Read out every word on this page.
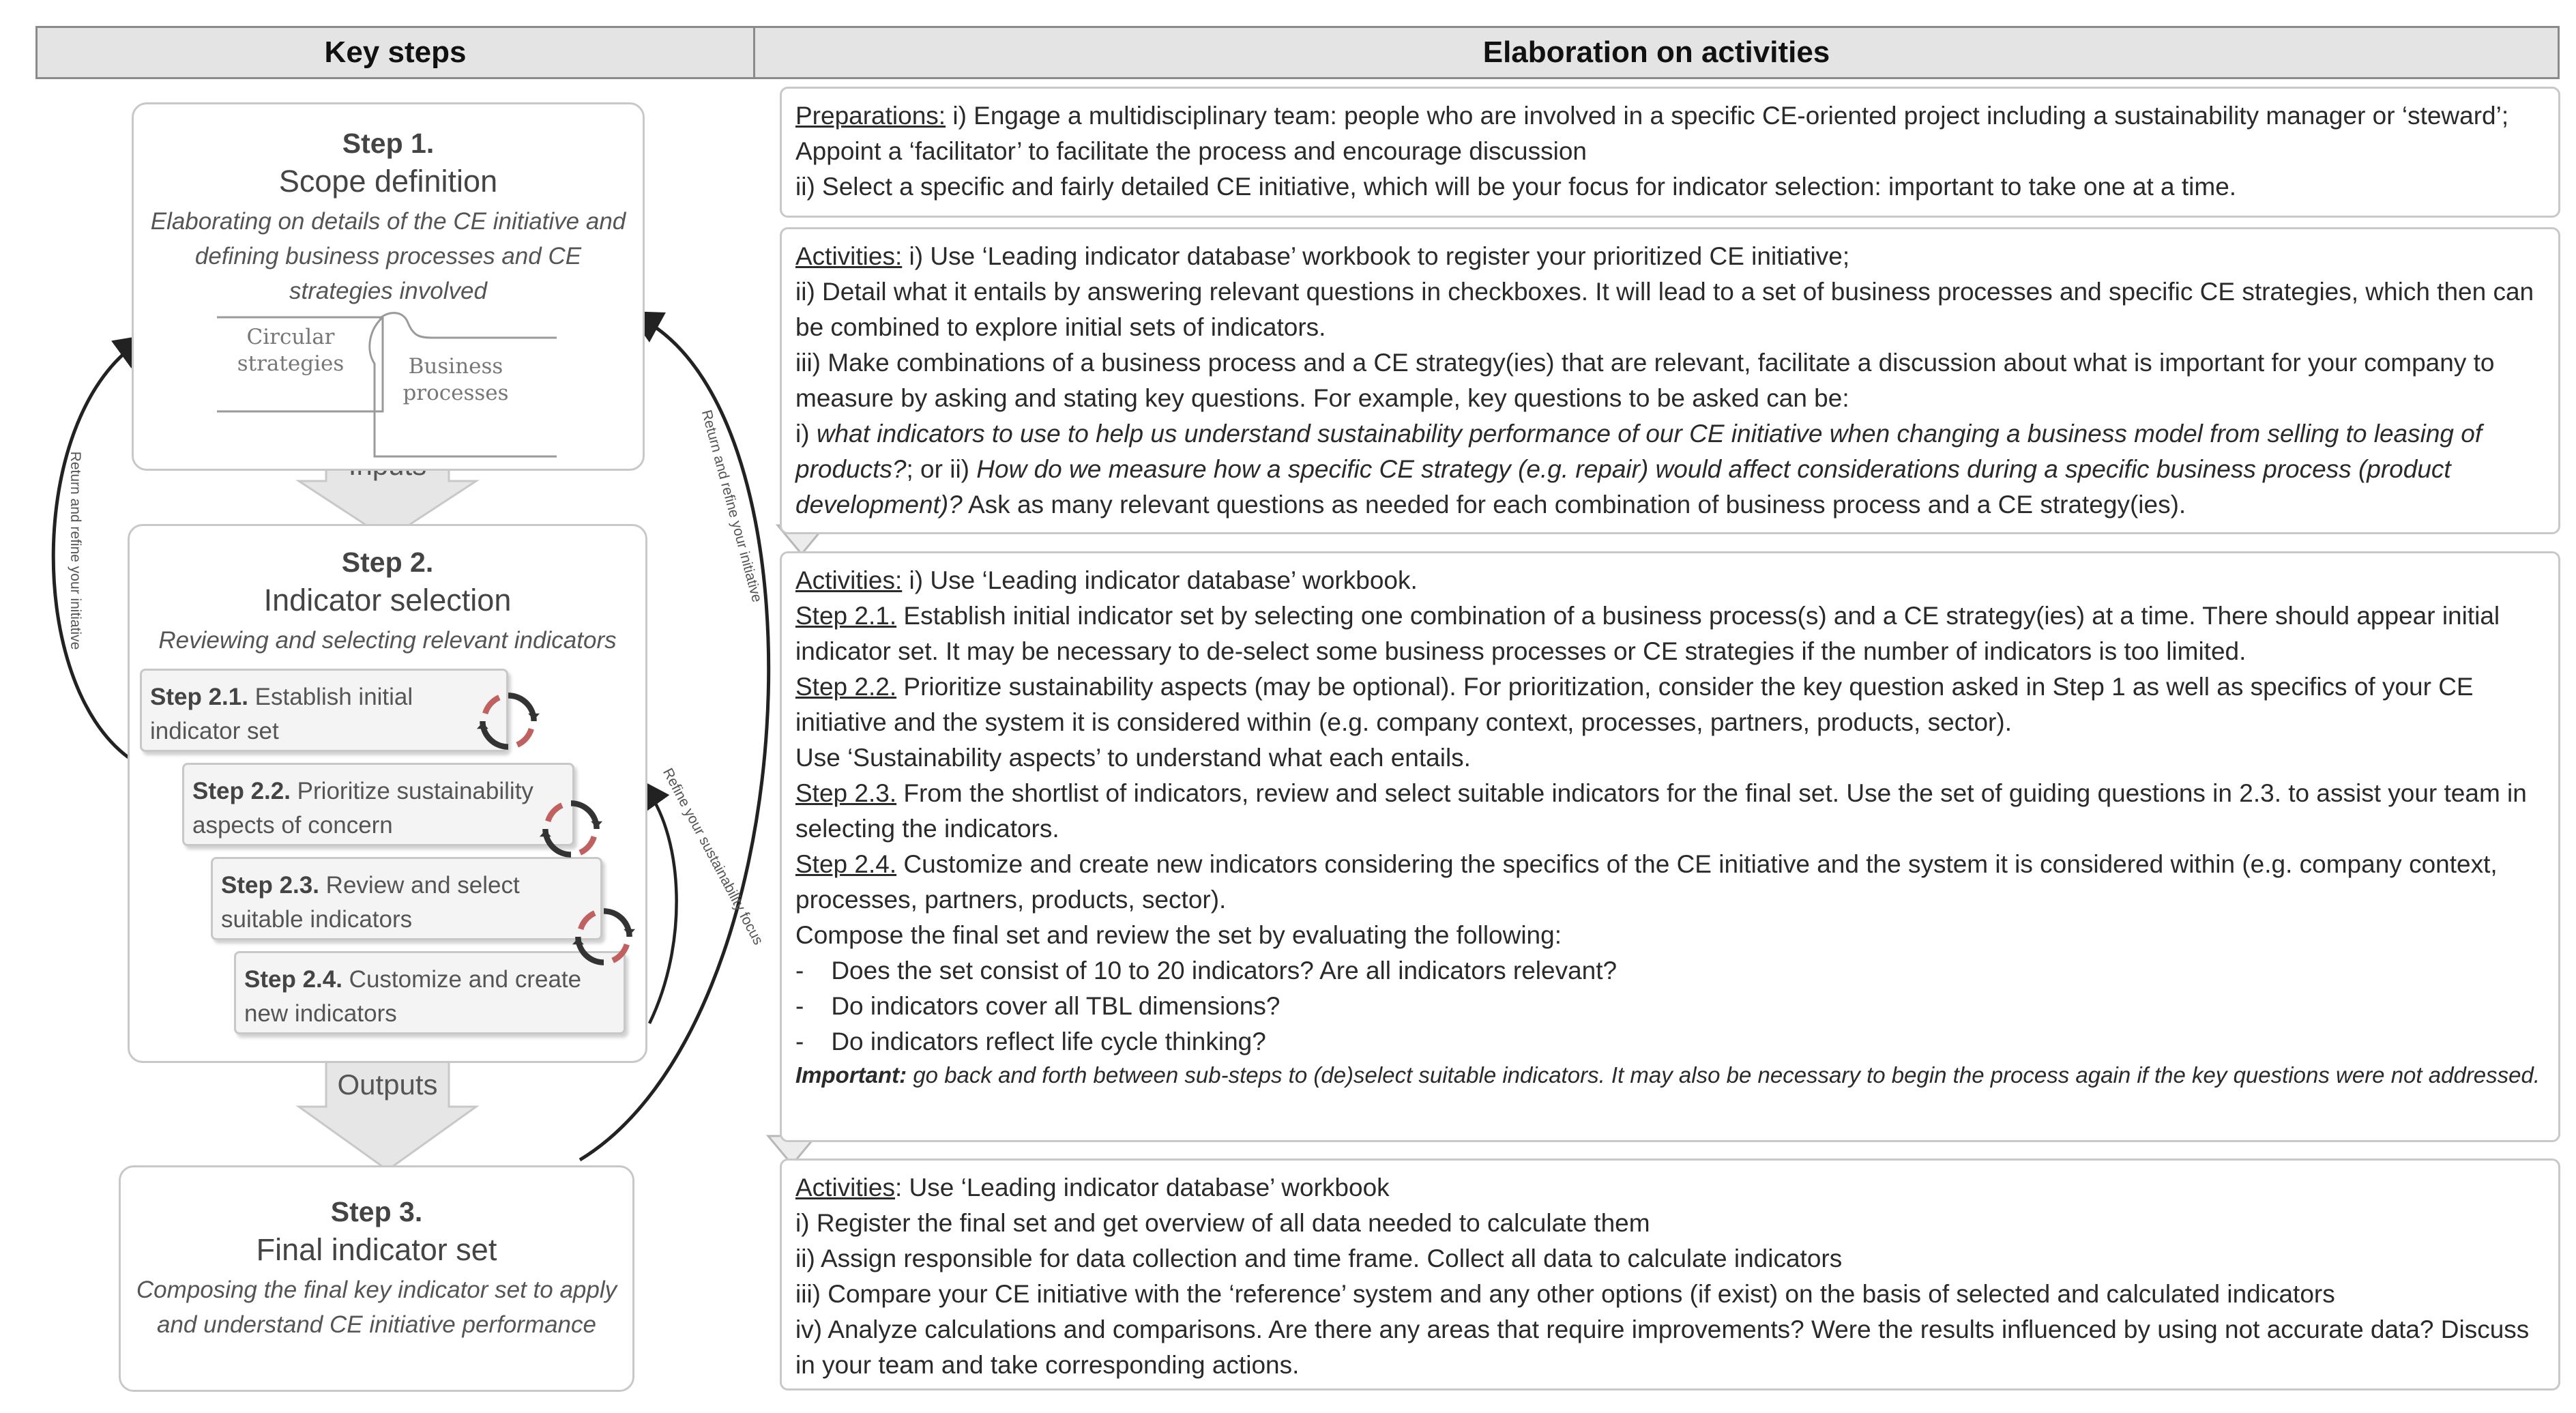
Key steps	Elaboration on activities
Outputs
Return and refine your initiative	Return and refine your initiative
Refine your sustainability focus
Step 1.
Scope definition
Elaborating on details of the CE initiative and defining business processes and CE strategies involved
Circular strategies	Business processes
Step 2.
Indicator selection
Reviewing and selecting relevant indicators
Step 2.1. Establish initial indicator set
Step 2.2. Prioritize sustainability aspects of concern
Step 2.3. Review and select suitable indicators
Step 2.4. Customize and create new indicators
Step 3.
Final indicator set
Composing the final key indicator set to apply and understand CE initiative performance

Preparations: i) Engage a multidisciplinary team: people who are involved in a specific CE-oriented project including a sustainability manager or ‘steward’; Appoint a ‘facilitator’ to facilitate the process and encourage discussion

ii) Select a specific and fairly detailed CE initiative, which will be your focus for indicator selection: important to take one at a time.

Activities: i) Use ‘Leading indicator database’ workbook to register your prioritized CE initiative;

ii) Detail what it entails by answering relevant questions in checkboxes. It will lead to a set of business processes and specific CE strategies, which then can be combined to explore initial sets of indicators.

iii) Make combinations of a business process and a CE strategy(ies) that are relevant, facilitate a discussion about what is important for your company to measure by asking and stating key questions. For example, key questions to be asked can be:

i) what indicators to use to help us understand sustainability performance of our CE initiative when changing a business model from selling to leasing of products?; or ii) How do we measure how a specific CE strategy (e.g. repair) would affect considerations during a specific business process (product development)? Ask as many relevant questions as needed for each combination of business process and a CE strategy(ies).

Activities: i) Use ‘Leading indicator database’ workbook.

Step 2.1. Establish initial indicator set by selecting one combination of a business process(s) and a CE strategy(ies) at a time. There should appear initial indicator set. It may be necessary to de-select some business processes or CE strategies if the number of indicators is too limited.

Step 2.2. Prioritize sustainability aspects (may be optional). For prioritization, consider the key question asked in Step 1 as well as specifics of your CE initiative and the system it is considered within (e.g. company context, processes, partners, products, sector).

Use ‘Sustainability aspects’ to understand what each entails.

Step 2.3. From the shortlist of indicators, review and select suitable indicators for the final set. Use the set of guiding questions in 2.3. to assist your team in selecting the indicators.

Step 2.4. Customize and create new indicators considering the specifics of the CE initiative and the system it is considered within (e.g. company context, processes, partners, products, sector).

Compose the final set and review the set by evaluating the following:

- Does the set consist of 10 to 20 indicators? Are all indicators relevant?

- Do indicators cover all TBL dimensions?

- Do indicators reflect life cycle thinking?

Important: go back and forth between sub-steps to (de)select suitable indicators. It may also be necessary to begin the process again if the key questions were not addressed.

Activities: Use ‘Leading indicator database’ workbook

i) Register the final set and get overview of all data needed to calculate them

ii) Assign responsible for data collection and time frame. Collect all data to calculate indicators

iii) Compare your CE initiative with the ‘reference’ system and any other options (if exist) on the basis of selected and calculated indicators

iv) Analyze calculations and comparisons. Are there any areas that require improvements? Were the results influenced by using not accurate data? Discuss in your team and take corresponding actions.
